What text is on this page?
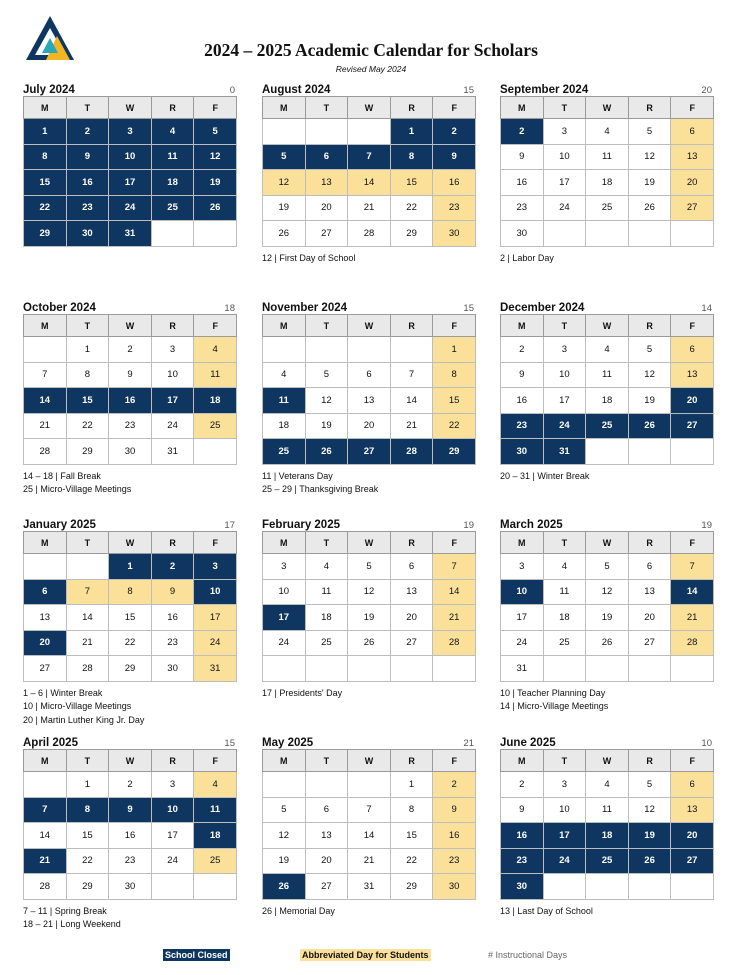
2024 – 2025 Academic Calendar for Scholars
Revised May 2024
July 2024	0
M	T	W	R	F
1	2	3	4	5
8	9	10	11	12
15	16	17	18	19
22	23	24	25	26
29	30	31		
August 2024	15
M	T	W	R	F
			1	2
5	6	7	8	9
12	13	14	15	16
19	20	21	22	23
26	27	28	29	30
12 | First Day of School
September 2024	20
M	T	W	R	F
2	3	4	5	6
9	10	11	12	13
16	17	18	19	20
23	24	25	26	27
30				
2 | Labor Day
October 2024	18
M	T	W	R	F
	1	2	3	4
7	8	9	10	11
14	15	16	17	18
21	22	23	24	25
28	29	30	31	
14 – 18 | Fall Break
25 | Micro-Village Meetings
November 2024	15
M	T	W	R	F
				1
4	5	6	7	8
11	12	13	14	15
18	19	20	21	22
25	26	27	28	29
11 | Veterans Day
25 – 29 | Thanksgiving Break
December 2024	14
M	T	W	R	F
2	3	4	5	6
9	10	11	12	13
16	17	18	19	20
23	24	25	26	27
30	31			
20 – 31 | Winter Break
January 2025	17
M	T	W	R	F
		1	2	3
6	7	8	9	10
13	14	15	16	17
20	21	22	23	24
27	28	29	30	31
1 – 6 | Winter Break
10 | Micro-Village Meetings
20 | Martin Luther King Jr. Day
February 2025	19
M	T	W	R	F
3	4	5	6	7
10	11	12	13	14
17	18	19	20	21
24	25	26	27	28

17 | Presidents' Day
March 2025	19
M	T	W	R	F
3	4	5	6	7
10	11	12	13	14
17	18	19	20	21
24	25	26	27	28
31				
10 | Teacher Planning Day
14 | Micro-Village Meetings
April 2025	15
M	T	W	R	F
	1	2	3	4
7	8	9	10	11
14	15	16	17	18
21	22	23	24	25
28	29	30		
7 – 11 | Spring Break
18 – 21 | Long Weekend
May 2025	21
M	T	W	R	F
			1	2
5	6	7	8	9
12	13	14	15	16
19	20	21	22	23
26	27	31	29	30
26 | Memorial Day
June 2025	10
M	T	W	R	F
2	3	4	5	6
9	10	11	12	13
16	17	18	19	20
23	24	25	26	27
30				
13 | Last Day of School
School Closed	Abbreviated Day for Students	# Instructional Days
